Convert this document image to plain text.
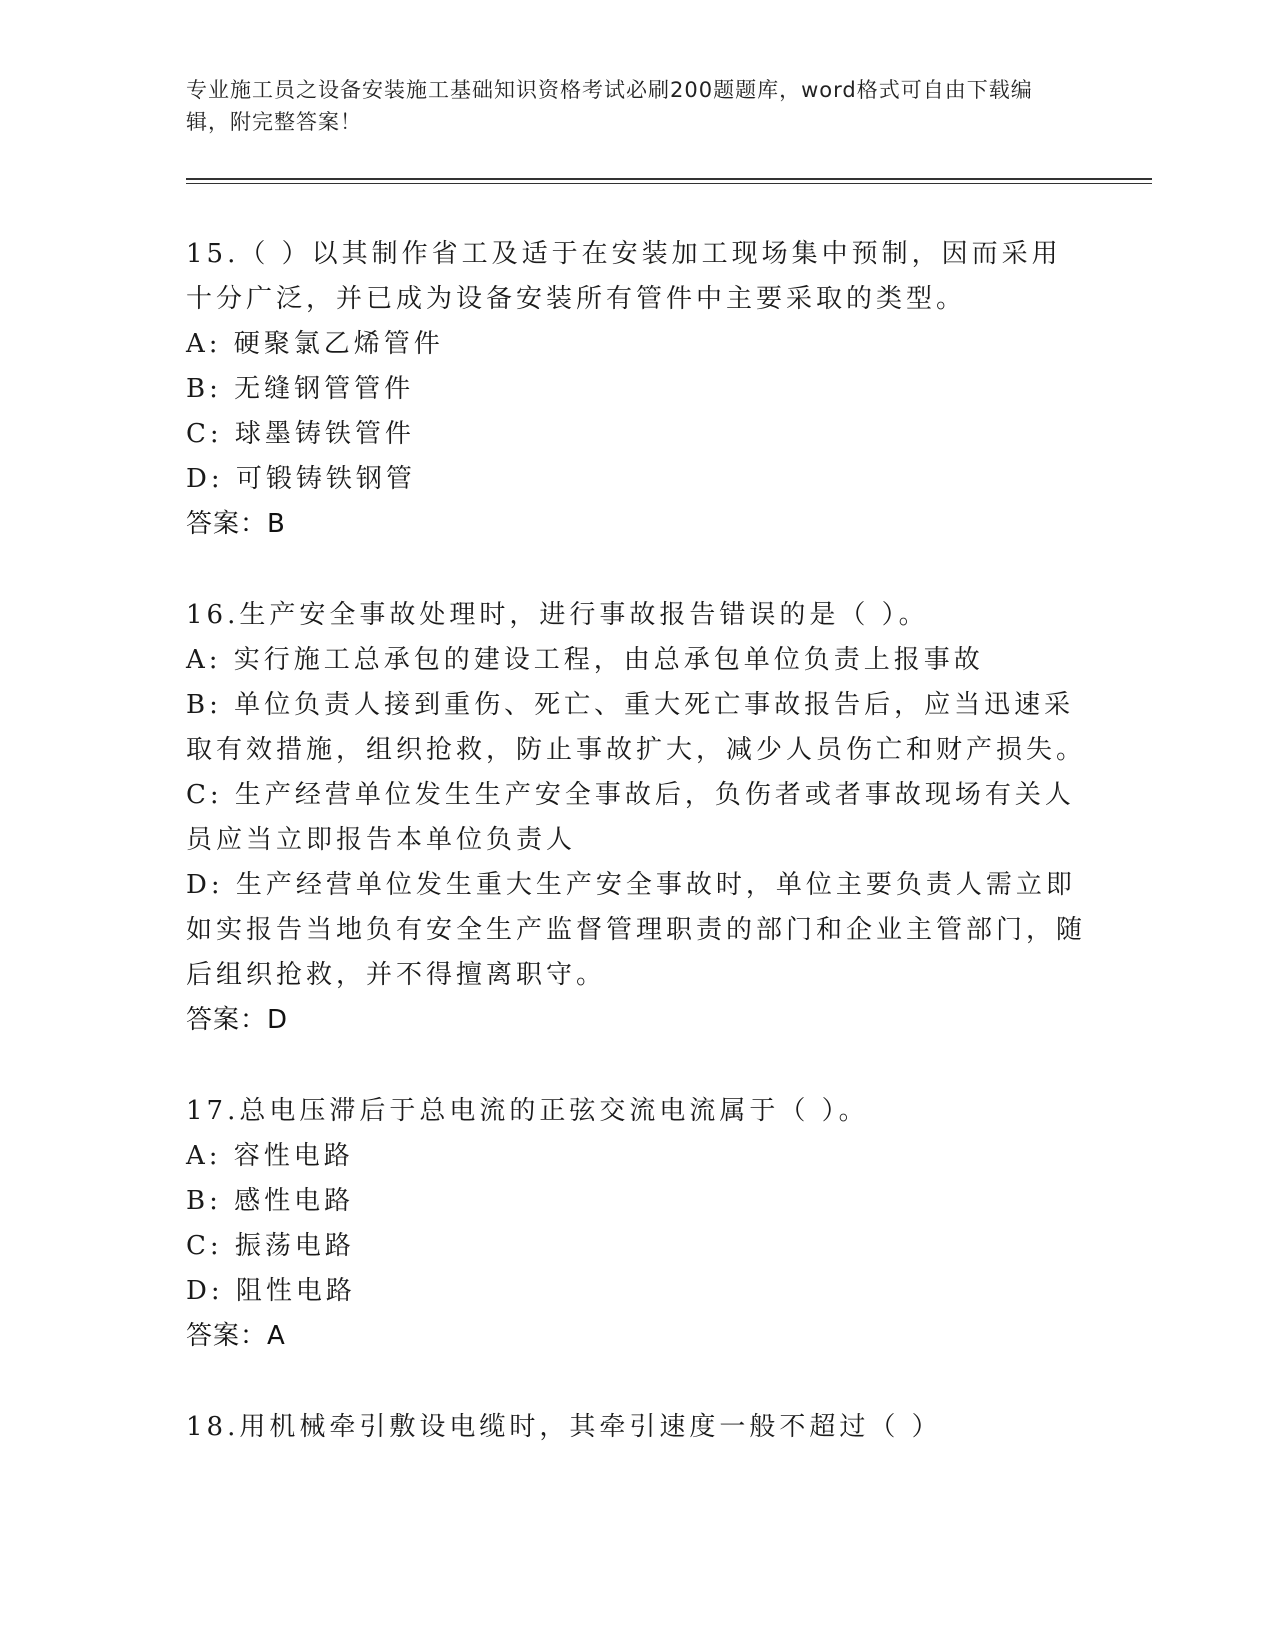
专业施工员之设备安装施工基础知识资格考试必刷200题题库，word格式可自由下载编辑，附完整答案！
15.（ ）以其制作省工及适于在安装加工现场集中预制，因而采用十分广泛，并已成为设备安装所有管件中主要采取的类型。
A: 硬聚氯乙烯管件
B: 无缝钢管管件
C: 球墨铸铁管件
D: 可锻铸铁钢管
答案：B
16.生产安全事故处理时，进行事故报告错误的是（ ）。
A: 实行施工总承包的建设工程，由总承包单位负责上报事故
B: 单位负责人接到重伤、死亡、重大死亡事故报告后，应当迅速采取有效措施，组织抢救，防止事故扩大，减少人员伤亡和财产损失。
C: 生产经营单位发生生产安全事故后，负伤者或者事故现场有关人员应当立即报告本单位负责人
D: 生产经营单位发生重大生产安全事故时，单位主要负责人需立即如实报告当地负有安全生产监督管理职责的部门和企业主管部门，随后组织抢救，并不得擅离职守。
答案：D
17.总电压滞后于总电流的正弦交流电流属于（ ）。
A: 容性电路
B: 感性电路
C: 振荡电路
D: 阻性电路
答案：A
18.用机械牵引敷设电缆时，其牵引速度一般不超过（ ）
